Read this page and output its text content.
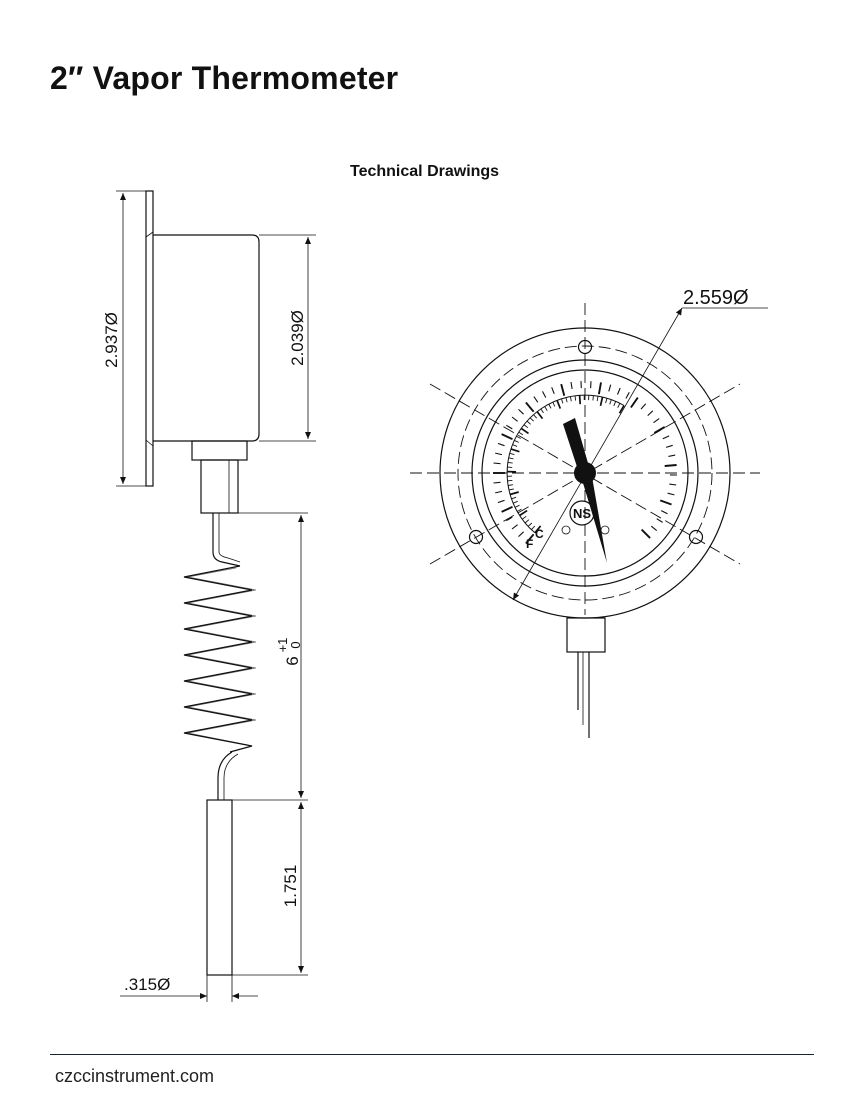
2″ Vapor Thermometer
Technical Drawings
2.937Ø	2.039Ø
6
+1
0
1.751
.315Ø
NS
F
C
2.559Ø
czccinstrument.com
